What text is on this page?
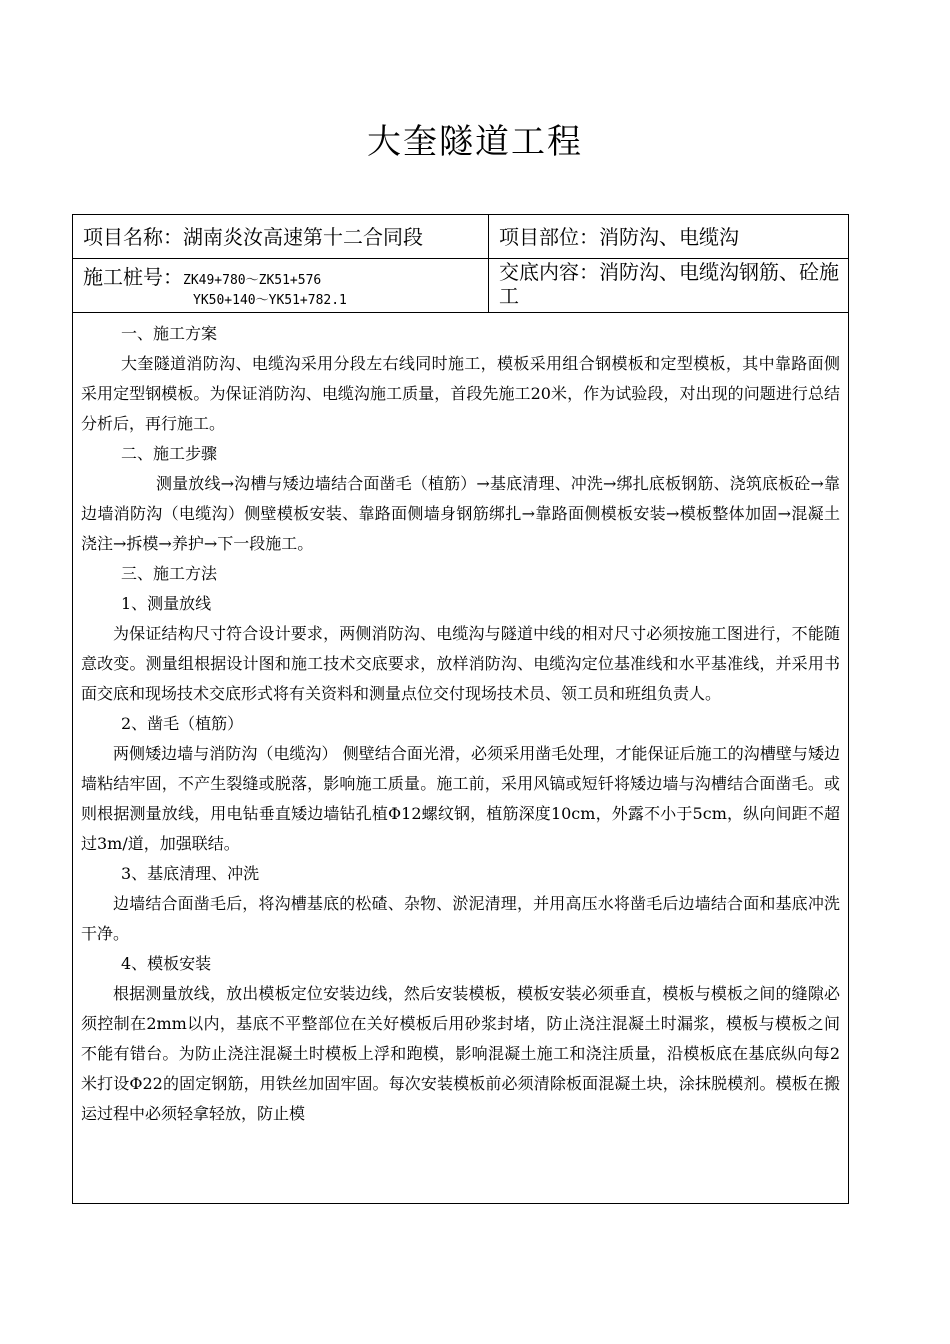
大奎隧道工程
项目名称：湖南炎汝高速第十二合同段	项目部位：消防沟、电缆沟
施工桩号： ZK49+780～ZK51+576
YK50+140～YK51+782.1
交底内容：消防沟、电缆沟钢筋、砼施工

一、施工方案

大奎隧道消防沟、电缆沟采用分段左右线同时施工，模板采用组合钢模板和定型模板，其中靠路面侧采用定型钢模板。为保证消防沟、电缆沟施工质量，首段先施工20米，作为试验段，对出现的问题进行总结分析后，再行施工。

二、施工步骤

测量放线→沟槽与矮边墙结合面凿毛（植筋）→基底清理、冲洗→绑扎底板钢筋、浇筑底板砼→靠边墙消防沟（电缆沟）侧壁模板安装、靠路面侧墙身钢筋绑扎→靠路面侧模板安装→模板整体加固→混凝土浇注→拆模→养护→下一段施工。

三、施工方法

1、测量放线

为保证结构尺寸符合设计要求，两侧消防沟、电缆沟与隧道中线的相对尺寸必须按施工图进行，不能随意改变。测量组根据设计图和施工技术交底要求，放样消防沟、电缆沟定位基准线和水平基准线，并采用书面交底和现场技术交底形式将有关资料和测量点位交付现场技术员、领工员和班组负责人。

2、凿毛（植筋）

两侧矮边墙与消防沟（电缆沟） 侧壁结合面光滑，必须采用凿毛处理，才能保证后施工的沟槽壁与矮边墙粘结牢固，不产生裂缝或脱落，影响施工质量。施工前，采用风镐或短钎将矮边墙与沟槽结合面凿毛。或则根据测量放线，用电钻垂直矮边墙钻孔植Φ12螺纹钢，植筋深度10cm，外露不小于5cm，纵向间距不超过3m/道，加强联结。

3、基底清理、冲洗

边墙结合面凿毛后，将沟槽基底的松碴、杂物、淤泥清理，并用高压水将凿毛后边墙结合面和基底冲洗干净。

4、模板安装

根据测量放线，放出模板定位安装边线，然后安装模板，模板安装必须垂直，模板与模板之间的缝隙必须控制在2mm以内，基底不平整部位在关好模板后用砂浆封堵，防止浇注混凝土时漏浆，模板与模板之间不能有错台。为防止浇注混凝土时模板上浮和跑模，影响混凝土施工和浇注质量，沿模板底在基底纵向每2米打设Φ22的固定钢筋，用铁丝加固牢固。每次安装模板前必须清除板面混凝土块，涂抹脱模剂。模板在搬运过程中必须轻拿轻放，防止模
